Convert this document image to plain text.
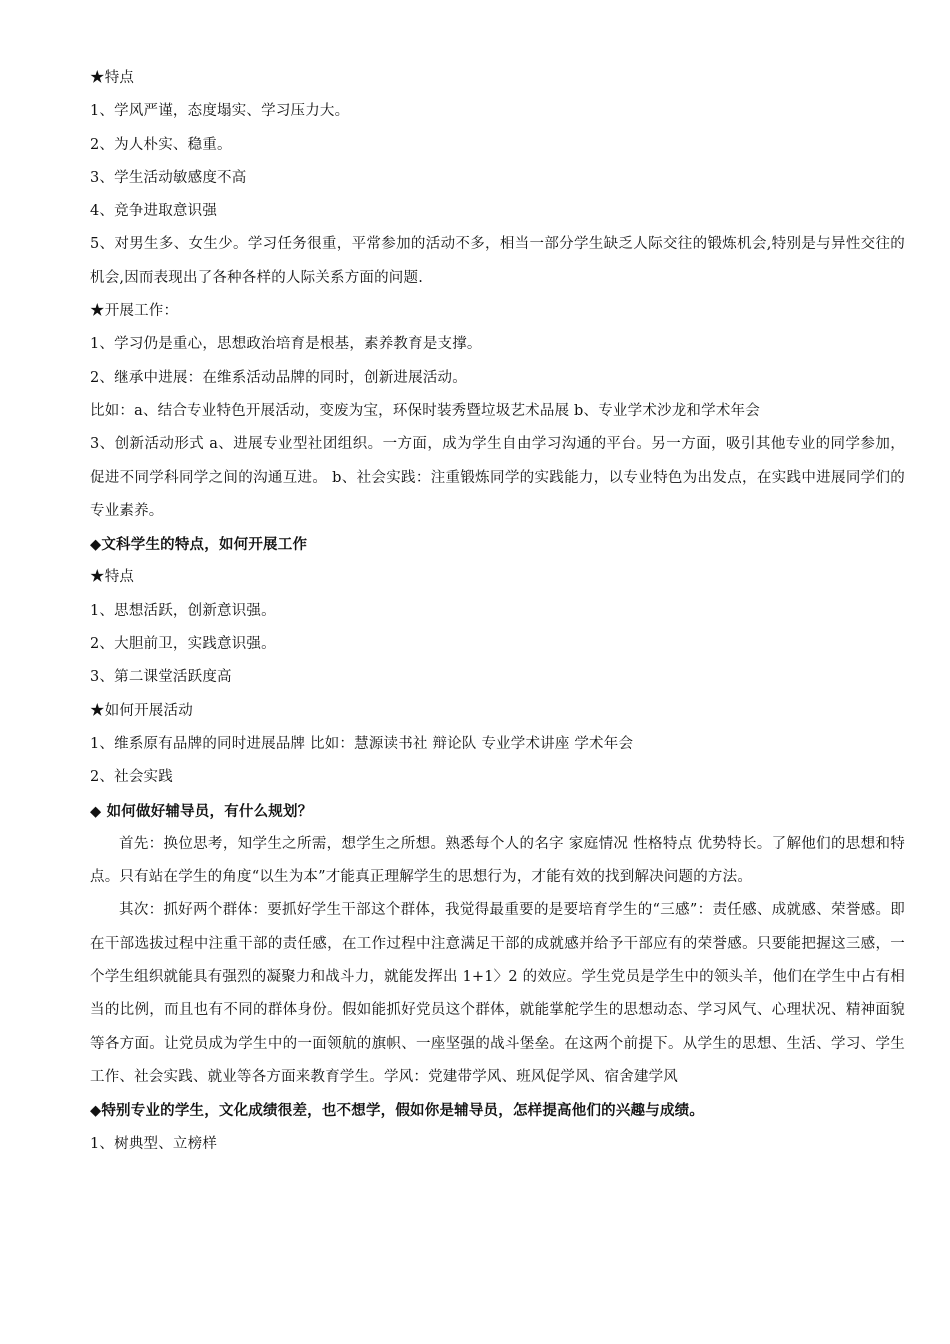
★特点
1、学风严谨，态度塌实、学习压力大。
2、为人朴实、稳重。
3、学生活动敏感度不高
4、竞争进取意识强
5、对男生多、女生少。学习任务很重，平常参加的活动不多，相当一部分学生缺乏人际交往的锻炼机会,特别是与异性交往的机会,因而表现出了各种各样的人际关系方面的问题.
★开展工作：
1、学习仍是重心，思想政治培育是根基，素养教育是支撑。
2、继承中进展：在维系活动品牌的同时，创新进展活动。
比如：a、结合专业特色开展活动，变废为宝，环保时装秀暨垃圾艺术品展 b、专业学术沙龙和学术年会
3、创新活动形式 a、进展专业型社团组织。一方面，成为学生自由学习沟通的平台。另一方面，吸引其他专业的同学参加，促进不同学科同学之间的沟通互进。 b、社会实践：注重锻炼同学的实践能力，以专业特色为出发点，在实践中进展同学们的专业素养。
◆文科学生的特点，如何开展工作
★特点
1、思想活跃，创新意识强。
2、大胆前卫，实践意识强。
3、第二课堂活跃度高
★如何开展活动
1、维系原有品牌的同时进展品牌 比如：慧源读书社 辩论队 专业学术讲座 学术年会
2、社会实践
◆ 如何做好辅导员，有什么规划？
首先：换位思考，知学生之所需，想学生之所想。熟悉每个人的名字 家庭情况 性格特点 优势特长。了解他们的思想和特点。只有站在学生的角度“以生为本”才能真正理解学生的思想行为，才能有效的找到解决问题的方法。
其次：抓好两个群体：要抓好学生干部这个群体，我觉得最重要的是要培育学生的“三感”：责任感、成就感、荣誉感。即在干部选拔过程中注重干部的责任感，在工作过程中注意满足干部的成就感并给予干部应有的荣誉感。只要能把握这三感，一个学生组织就能具有强烈的凝聚力和战斗力，就能发挥出 1+1〉2 的效应。学生党员是学生中的领头羊，他们在学生中占有相当的比例，而且也有不同的群体身份。假如能抓好党员这个群体，就能掌舵学生的思想动态、学习风气、心理状况、精神面貌等各方面。让党员成为学生中的一面领航的旗帜、一座坚强的战斗堡垒。在这两个前提下。从学生的思想、生活、学习、学生工作、社会实践、就业等各方面来教育学生。学风：党建带学风、班风促学风、宿舍建学风
◆特别专业的学生，文化成绩很差，也不想学，假如你是辅导员，怎样提高他们的兴趣与成绩。
1、树典型、立榜样
